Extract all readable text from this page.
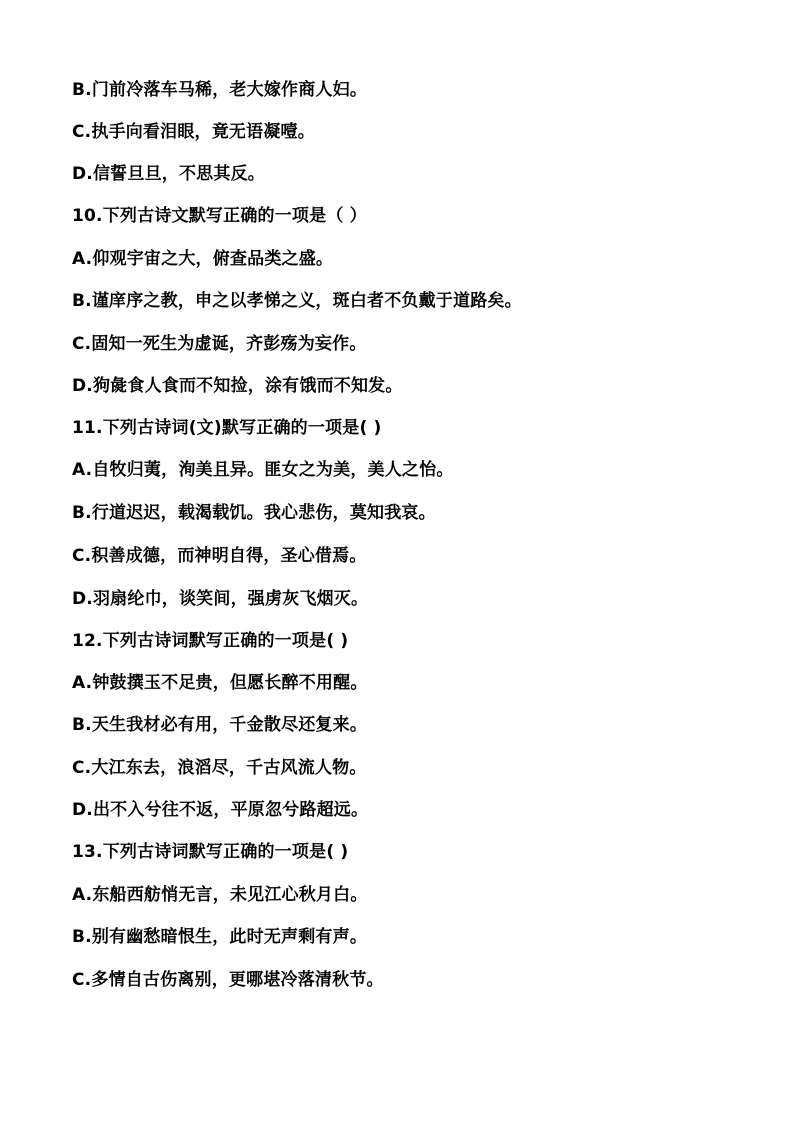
B.门前冷落车马稀，老大嫁作商人妇。
C.执手向看泪眼，竟无语凝噎。
D.信誓旦旦，不思其反。
10.下列古诗文默写正确的一项是（ ）
A.仰观宇宙之大，俯查品类之盛。
B.谨庠序之教，申之以孝悌之义，斑白者不负戴于道路矣。
C.固知一死生为虚诞，齐彭殇为妄作。
D.狗彘食人食而不知捡，涂有饿而不知发。
11.下列古诗词(文)默写正确的一项是( )
A.自牧归荑，洵美且异。匪女之为美，美人之怡。
B.行道迟迟，载渴载饥。我心悲伤，莫知我哀。
C.积善成德，而神明自得，圣心借焉。
D.羽扇纶巾，谈笑间，强虏灰飞烟灭。
12.下列古诗词默写正确的一项是( )
A.钟鼓撰玉不足贵，但愿长醉不用醒。
B.天生我材必有用，千金散尽还复来。
C.大江东去，浪滔尽，千古风流人物。
D.出不入兮往不返，平原忽兮路超远。
13.下列古诗词默写正确的一项是( )
A.东船西舫悄无言，未见江心秋月白。
B.别有幽愁暗恨生，此时无声剩有声。
C.多情自古伤离别，更哪堪冷落清秋节。
